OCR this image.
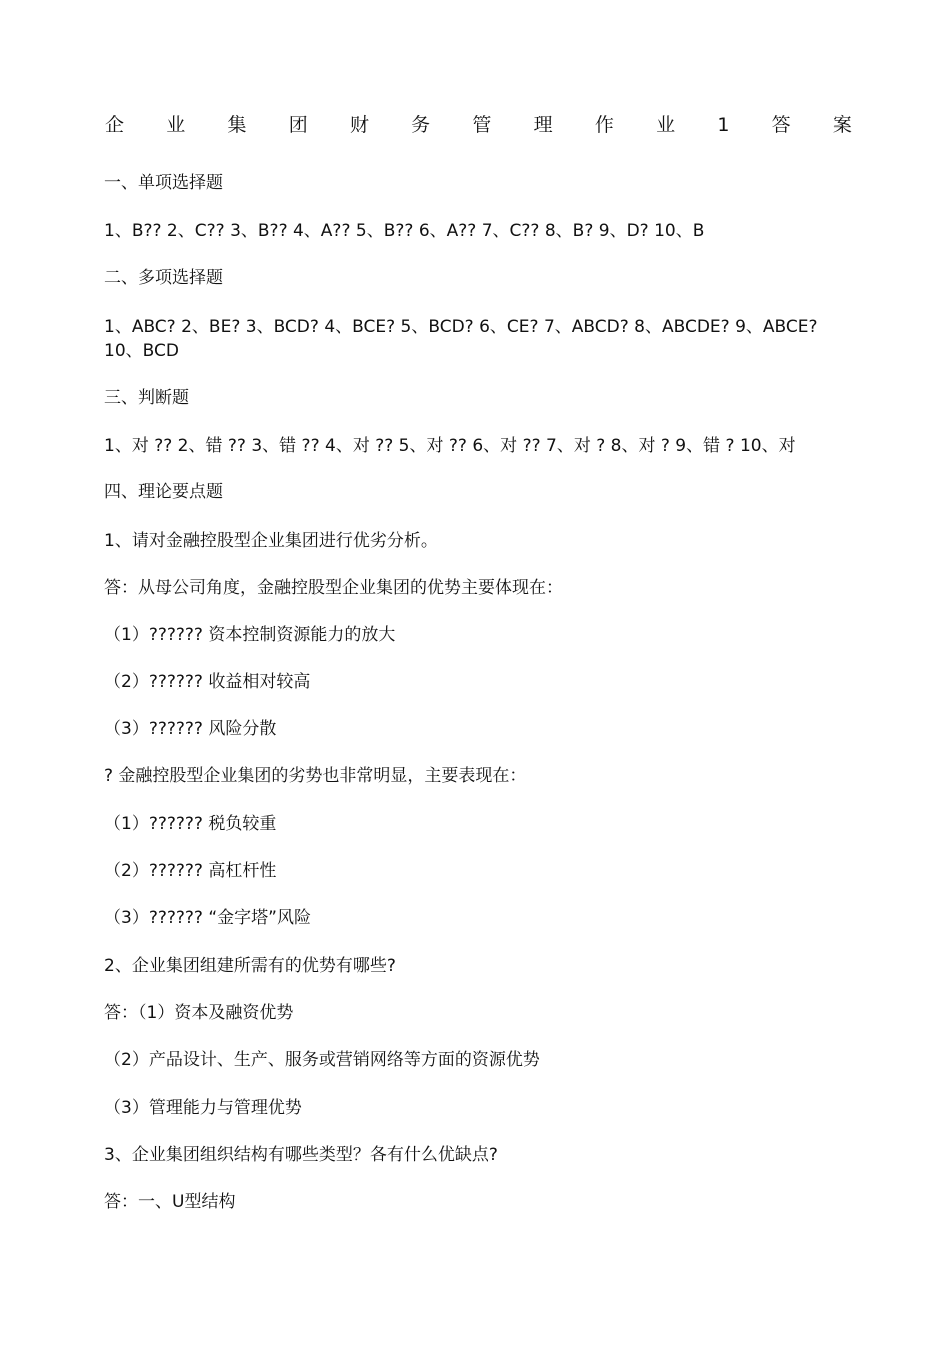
企 业 集 团 财 务 管 理 作 业 1 答 案
一、单项选择题
1、B?? 2、C?? 3、B?? 4、A?? 5、B?? 6、A?? 7、C?? 8、B? 9、D? 10、B
二、多项选择题
1、ABC? 2、BE? 3、BCD? 4、BCE? 5、BCD? 6、CE? 7、ABCD? 8、ABCDE? 9、ABCE? 10、BCD
三、判断题
1、对 ?? 2、错 ?? 3、错 ?? 4、对 ?? 5、对 ?? 6、对 ?? 7、对 ? 8、对 ? 9、错 ? 10、对
四、理论要点题
1、请对金融控股型企业集团进行优劣分析。
答：从母公司角度，金融控股型企业集团的优势主要体现在：
（1）?????? 资本控制资源能力的放大
（2）?????? 收益相对较高
（3）?????? 风险分散
? 金融控股型企业集团的劣势也非常明显，主要表现在：
（1）?????? 税负较重
（2）?????? 高杠杆性
（3）?????? “金字塔”风险
2、企业集团组建所需有的优势有哪些?
答：（1）资本及融资优势
（2）产品设计、生产、服务或营销网络等方面的资源优势
（3）管理能力与管理优势
3、企业集团组织结构有哪些类型？各有什么优缺点?
答：一、U型结构
